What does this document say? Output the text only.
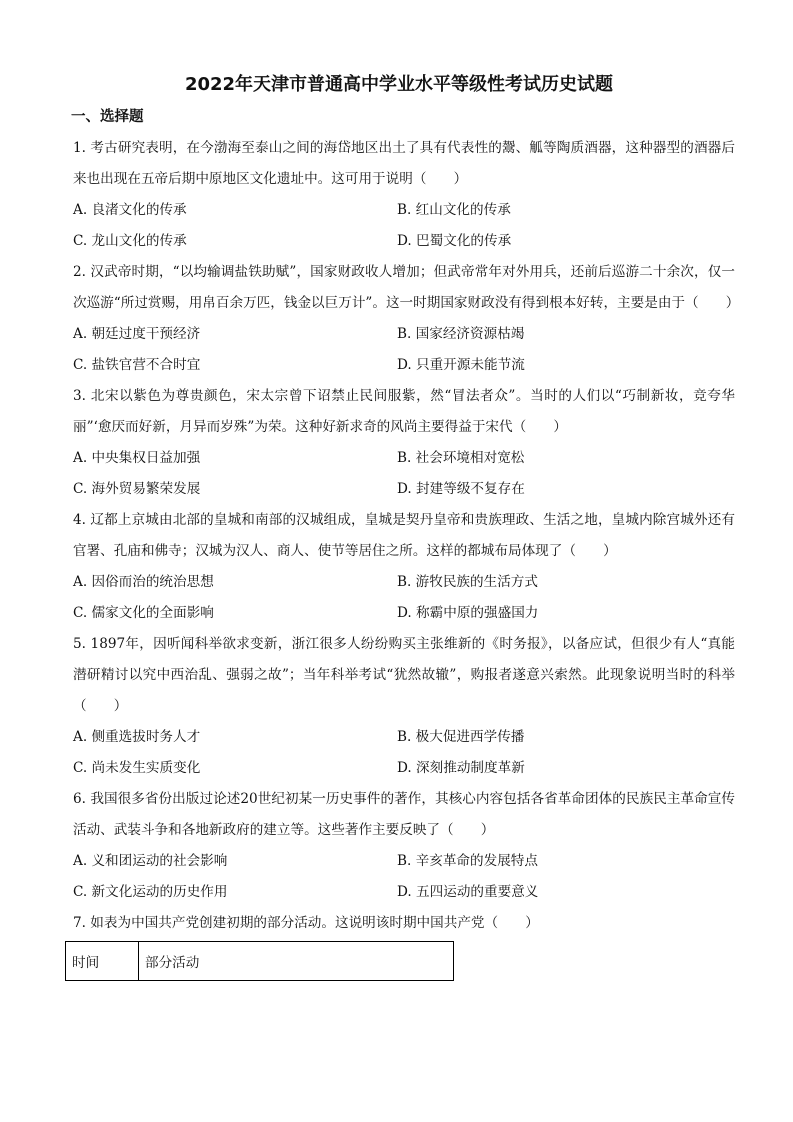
2022年天津市普通高中学业水平等级性考试历史试题
一、选择题
1. 考古研究表明，在今渤海至泰山之间的海岱地区出土了具有代表性的鬶、觚等陶质酒器，这种器型的酒器后来也出现在五帝后期中原地区文化遗址中。这可用于说明（　　）
A. 良渚文化的传承	B. 红山文化的传承
C. 龙山文化的传承	D. 巴蜀文化的传承
2. 汉武帝时期，“以均输调盐铁助赋”，国家财政收人增加；但武帝常年对外用兵，还前后巡游二十余次，仅一次巡游“所过赏赐，用帛百余万匹，钱金以巨万计”。这一时期国家财政没有得到根本好转，主要是由于（　　）
A. 朝廷过度干预经济	B. 国家经济资源枯竭
C. 盐铁官营不合时宜	D. 只重开源未能节流
3. 北宋以紫色为尊贵颜色，宋太宗曾下诏禁止民间服紫，然“冒法者众”。当时的人们以“巧制新妆，竞夸华丽”‘愈厌而好新，月异而岁殊”为荣。这种好新求奇的风尚主要得益于宋代（　　）
A. 中央集权日益加强	B. 社会环境相对宽松
C. 海外贸易繁荣发展	D. 封建等级不复存在
4. 辽都上京城由北部的皇城和南部的汉城组成，皇城是契丹皇帝和贵族理政、生活之地，皇城内除宫城外还有官署、孔庙和佛寺；汉城为汉人、商人、使节等居住之所。这样的都城布局体现了（　　）
A. 因俗而治的统治思想	B. 游牧民族的生活方式
C. 儒家文化的全面影响	D. 称霸中原的强盛国力
5. 1897年，因听闻科举欲求变新，浙江很多人纷纷购买主张维新的《时务报》，以备应试，但很少有人“真能潜研精讨以究中西治乱、强弱之故”；当年科举考试“犹然故辙”，购报者遂意兴索然。此现象说明当时的科举（　　）
A. 侧重选拔时务人才	B. 极大促进西学传播
C. 尚未发生实质变化	D. 深刻推动制度革新
6. 我国很多省份出版过论述20世纪初某一历史事件的著作，其核心内容包括各省革命团体的民族民主革命宣传活动、武装斗争和各地新政府的建立等。这些著作主要反映了（　　）
A. 义和团运动的社会影响	B. 辛亥革命的发展特点
C. 新文化运动的历史作用	D. 五四运动的重要意义
7. 如表为中国共产党创建初期的部分活动。这说明该时期中国共产党（　　）
时间	部分活动
